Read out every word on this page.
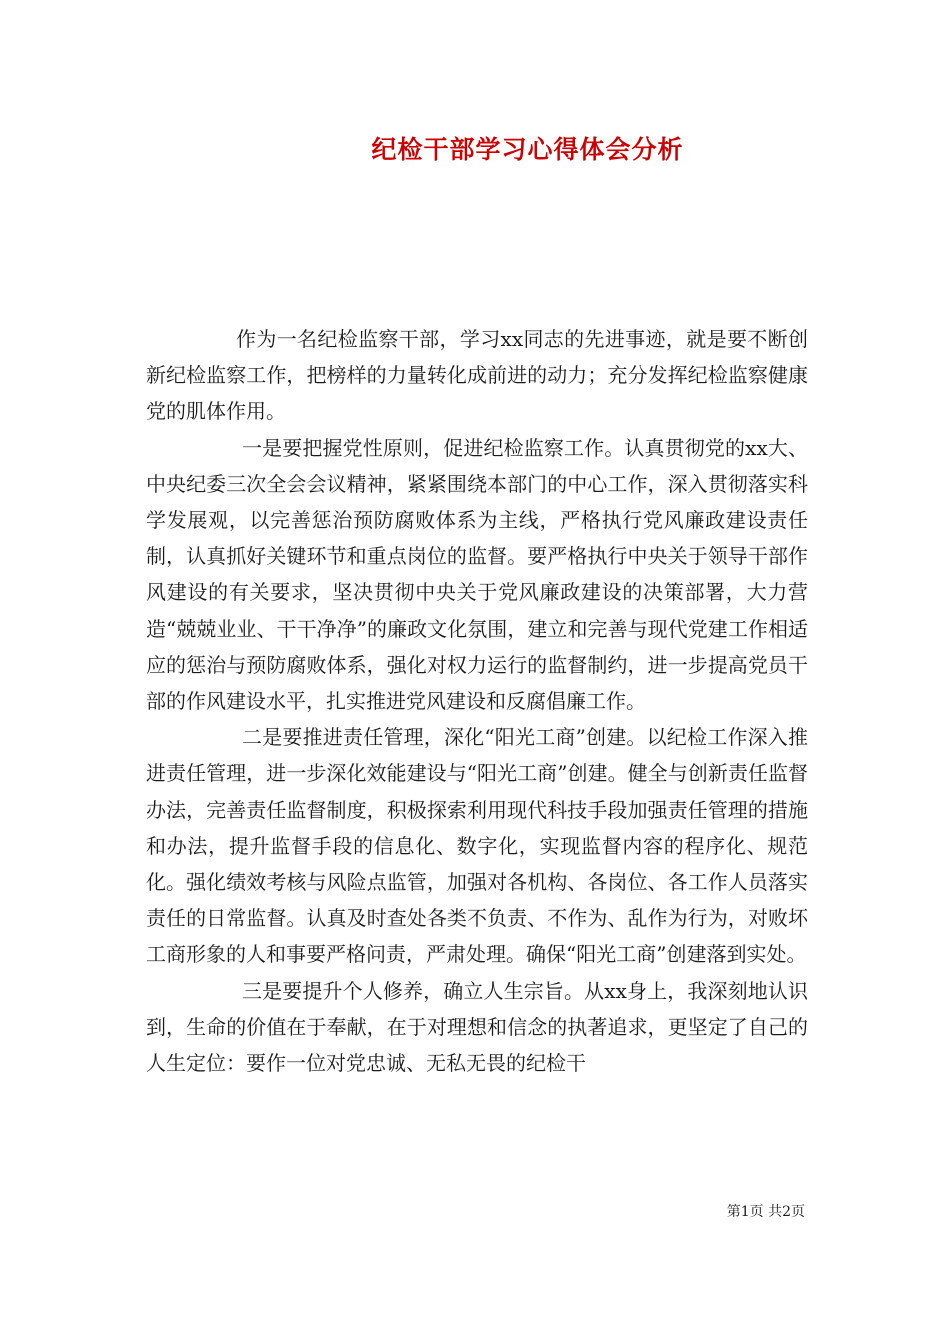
纪检干部学习心得体会分析

作为一名纪检监察干部，学习xx同志的先进事迹，就是要不断创新纪检监察工作，把榜样的力量转化成前进的动力；充分发挥纪检监察健康党的肌体作用。

一是要把握党性原则，促进纪检监察工作。认真贯彻党的xx大、中央纪委三次全会会议精神，紧紧围绕本部门的中心工作，深入贯彻落实科学发展观，以完善惩治预防腐败体系为主线，严格执行党风廉政建设责任制，认真抓好关键环节和重点岗位的监督。要严格执行中央关于领导干部作风建设的有关要求，坚决贯彻中央关于党风廉政建设的决策部署，大力营造“兢兢业业、干干净净”的廉政文化氛围，建立和完善与现代党建工作相适应的惩治与预防腐败体系，强化对权力运行的监督制约，进一步提高党员干部的作风建设水平，扎实推进党风建设和反腐倡廉工作。

二是要推进责任管理，深化“阳光工商”创建。以纪检工作深入推进责任管理，进一步深化效能建设与“阳光工商”创建。健全与创新责任监督办法，完善责任监督制度，积极探索利用现代科技手段加强责任管理的措施和办法，提升监督手段的信息化、数字化，实现监督内容的程序化、规范化。强化绩效考核与风险点监管，加强对各机构、各岗位、各工作人员落实责任的日常监督。认真及时查处各类不负责、不作为、乱作为行为，对败坏工商形象的人和事要严格问责，严肃处理。确保“阳光工商”创建落到实处。

三是要提升个人修养，确立人生宗旨。从xx身上，我深刻地认识到，生命的价值在于奉献，在于对理想和信念的执著追求，更坚定了自己的人生定位：要作一位对党忠诚、无私无畏的纪检干

第1页 共2页
